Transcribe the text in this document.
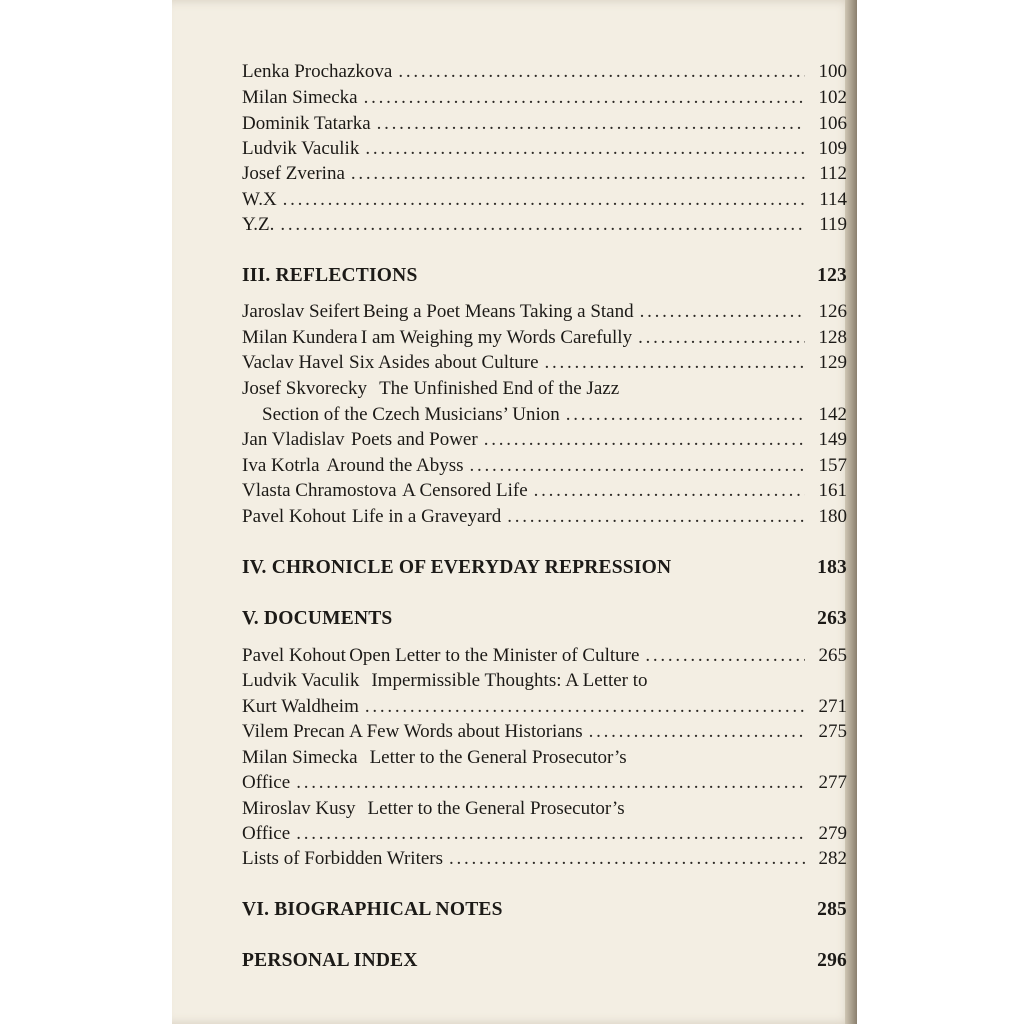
Lenka Prochazkova . . .	100
Milan Simecka . . .	102
Dominik Tatarka . . .	106
Ludvik Vaculik . . .	109
Josef Zverina . . .	112
W.X . . .	114
Y.Z. . . .	119
III. REFLECTIONS	123
Jaroslav Seifert Being a Poet Means Taking a Stand . . .	126
Milan Kundera I am Weighing my Words Carefully . . .	128
Vaclav Havel Six Asides about Culture . . .	129
Josef Skvorecky The Unfinished End of the Jazz
Section of the Czech Musicians’ Union . . .	142
Jan Vladislav Poets and Power . . .	149
Iva Kotrla Around the Abyss . . .	157
Vlasta Chramostova A Censored Life . . .	161
Pavel Kohout Life in a Graveyard . . .	180
IV. CHRONICLE OF EVERYDAY REPRESSION	183
V. DOCUMENTS	263
Pavel Kohout Open Letter to the Minister of Culture . . .	265
Ludvik Vaculik Impermissible Thoughts: A Letter to
Kurt Waldheim . . .	271
Vilem Precan A Few Words about Historians . . .	275
Milan Simecka Letter to the General Prosecutor’s
Office . . .	277
Miroslav Kusy Letter to the General Prosecutor’s
Office . . .	279
Lists of Forbidden Writers . . .	282
VI. BIOGRAPHICAL NOTES	285
PERSONAL INDEX	296
